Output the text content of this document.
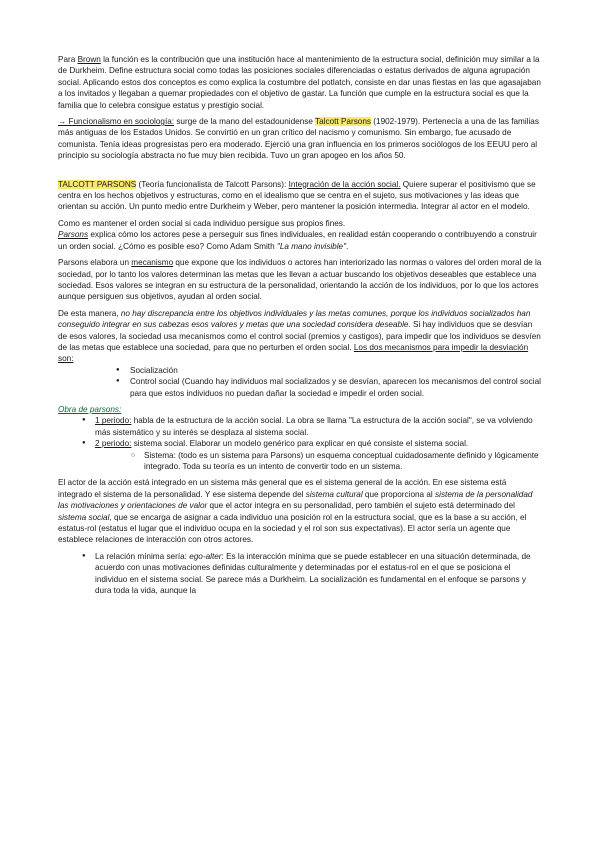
Para Brown la función es la contribución que una institución hace al mantenimiento de la estructura social, definición muy similar a la de Durkheim. Define estructura social como todas las posiciones sociales diferenciadas o estatus derivados de alguna agrupación social. Aplicando estos dos conceptos es como explica la costumbre del potlatch, consiste en dar unas fiestas en las que agasajaban a los invitados y llegaban a quemar propiedades con el objetivo de gastar. La función que cumple en la estructura social es que la familia que lo celebra consigue estatus y prestigio social.

→ Funcionalismo en sociología: surge de la mano del estadounidense Talcott Parsons (1902-1979). Pertenecía a una de las familias más antiguas de los Estados Unidos. Se convirtió en un gran crítico del nacismo y comunismo. Sin embargo, fue acusado de comunista. Tenía ideas progresistas pero era moderado. Ejerció una gran influencia en los primeros sociólogos de los EEUU pero al principio su sociología abstracta no fue muy bien recibida. Tuvo un gran apogeo en los años 50.

TALCOTT PARSONS (Teoría funcionalista de Talcott Parsons): Integración de la acción social. Quiere superar el positivismo que se centra en los hechos objetivos y estructuras, como en el idealismo que se centra en el sujeto, sus motivaciones y las ideas que orientan su acción. Un punto medio entre Durkheim y Weber, pero mantener la posición intermedia. Integrar al actor en el modelo.

Como es mantener el orden social si cada individuo persigue sus propios fines.

Parsons explica cómo los actores pese a perseguir sus fines individuales, en realidad están cooperando o contribuyendo a construir un orden social. ¿Cómo es posible eso? Como Adam Smith "La mano invisible".

Parsons elabora un mecanismo que expone que los individuos o actores han interiorizado las normas o valores del orden moral de la sociedad, por lo tanto los valores determinan las metas que les llevan a actuar buscando los objetivos deseables que establece una sociedad. Esos valores se integran en su estructura de la personalidad, orientando la acción de los individuos, por lo que los actores aunque persiguen sus objetivos, ayudan al orden social.

De esta manera, no hay discrepancia entre los objetivos individuales y las metas comunes, porque los individuos socializados han conseguido integrar en sus cabezas esos valores y metas que una sociedad considera deseable. Si hay individuos que se desvían de esos valores, la sociedad usa mecanismos como el control social (premios y castigos), para impedir que los individuos se desvíen de las metas que establece una sociedad, para que no perturben el orden social. Los dos mecanismos para impedir la desviación son:

● Socialización
● Control social (Cuando hay individuos mal socializados y se desvían, aparecen los mecanismos del control social para que estos individuos no puedan dañar la sociedad e impedir el orden social.

Obra de parsons:

● 1 periodo: habla de la estructura de la acción social. La obra se llama "La estructura de la acción social", se va volviendo más sistemático y su interés se desplaza al sistema social.
● 2 periodo: sistema social. Elaborar un modelo genérico para explicar en qué consiste el sistema social.
○ Sistema: (todo es un sistema para Parsons) un esquema conceptual cuidadosamente definido y lógicamente integrado. Toda su teoría es un intento de convertir todo en un sistema.

El actor de la acción está integrado en un sistema más general que es el sistema general de la acción. En ese sistema está integrado el sistema de la personalidad. Y ese sistema depende del sistema cultural que proporciona al sistema de la personalidad las motivaciones y orientaciones de valor que el actor integra en su personalidad, pero también el sujeto está determinado del sistema social, que se encarga de asignar a cada individuo una posición rol en la estructura social, que es la base a su acción, el estatus-rol (estatus el lugar que el individuo ocupa en la sociedad y el rol son sus expectativas). El actor sería un agente que establece relaciones de interacción con otros actores.

● La relación mínima sería: ego-alter: Es la interacción mínima que se puede establecer en una situación determinada, de acuerdo con unas motivaciones definidas culturalmente y determinadas por el estatus-rol en el que se posiciona el individuo en el sistema social. Se parece más a Durkheim. La socialización es fundamental en el enfoque se parsons y dura toda la vida, aunque la
